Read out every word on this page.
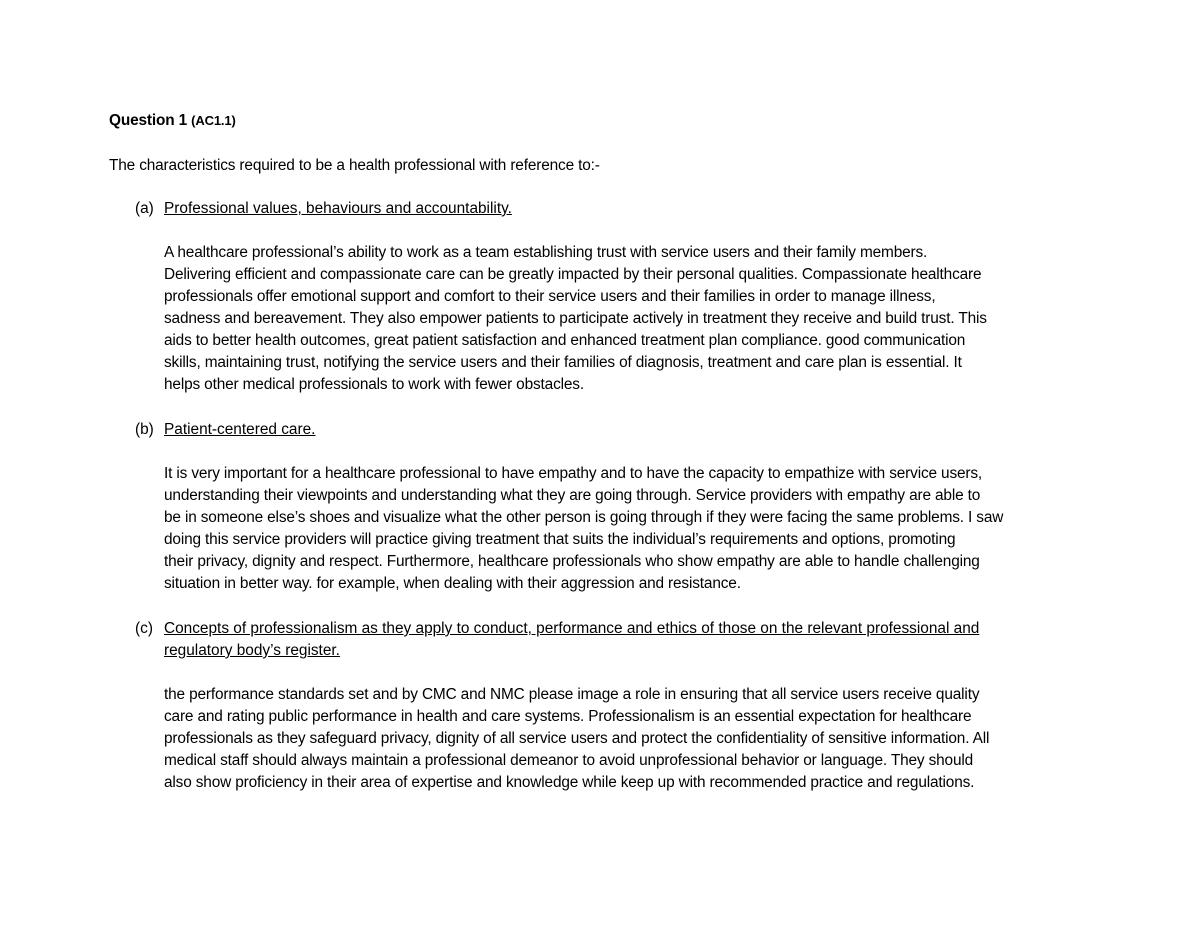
Question 1 (AC1.1)
The characteristics required to be a health professional with reference to:-
(a) Professional values, behaviours and accountability.
A healthcare professional’s ability to work as a team establishing trust with service users and their family members.
Delivering efficient and compassionate care can be greatly impacted by their personal qualities. Compassionate healthcare
professionals offer emotional support and comfort to their service users and their families in order to manage illness,
sadness and bereavement. They also empower patients to participate actively in treatment they receive and build trust. This
aids to better health outcomes, great patient satisfaction and enhanced treatment plan compliance. good communication
skills, maintaining trust, notifying the service users and their families of diagnosis, treatment and care plan is essential. It
helps other medical professionals to work with fewer obstacles.
(b) Patient-centered care.
It is very important for a healthcare professional to have empathy and to have the capacity to empathize with service users,
understanding their viewpoints and understanding what they are going through. Service providers with empathy are able to
be in someone else’s shoes and visualize what the other person is going through if they were facing the same problems. I saw
doing this service providers will practice giving treatment that suits the individual’s requirements and options, promoting
their privacy, dignity and respect. Furthermore, healthcare professionals who show empathy are able to handle challenging
situation in better way. for example, when dealing with their aggression and resistance.
(c) Concepts of professionalism as they apply to conduct, performance and ethics of those on the relevant professional and
regulatory body’s register.
the performance standards set and by CMC and NMC please image a role in ensuring that all service users receive quality
care and rating public performance in health and care systems. Professionalism is an essential expectation for healthcare
professionals as they safeguard privacy, dignity of all service users and protect the confidentiality of sensitive information. All
medical staff should always maintain a professional demeanor to avoid unprofessional behavior or language. They should
also show proficiency in their area of expertise and knowledge while keep up with recommended practice and regulations.
